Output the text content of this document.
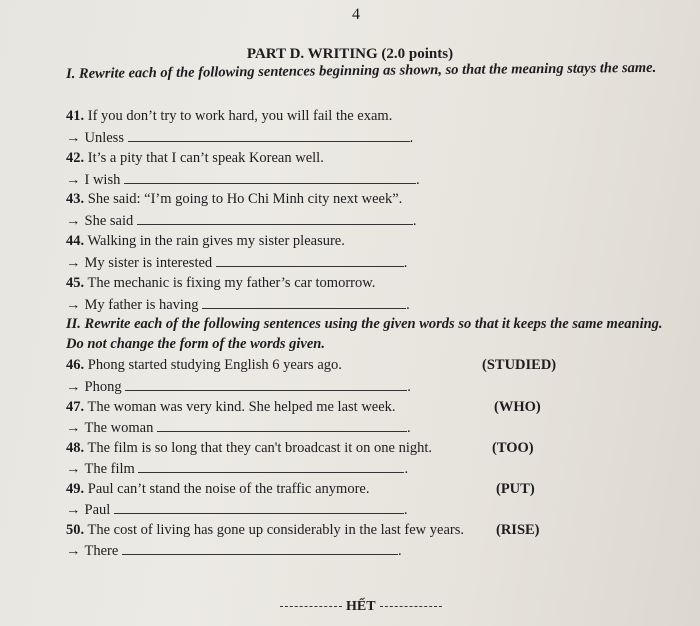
4
PART D. WRITING (2.0 points)
I. Rewrite each of the following sentences beginning as shown, so that the meaning stays the same.
41. If you don’t try to work hard, you will fail the exam.
→ Unless	.
42. It’s a pity that I can’t speak Korean well.
→ I wish	.
43. She said: “I’m going to Ho Chi Minh city next week”.
→ She said	.
44. Walking in the rain gives my sister pleasure.
→ My sister is interested	.
45. The mechanic is fixing my father’s car tomorrow.
→ My father is having	.
II. Rewrite each of the following sentences using the given words so that it keeps the same meaning. Do not change the form of the words given.
46. Phong started studying English 6 years ago.	(STUDIED)
→ Phong	.
47. The woman was very kind. She helped me last week.	(WHO)
→ The woman	.
48. The film is so long that they can't broadcast it on one night.	(TOO)
→ The film	.
49. Paul can’t stand the noise of the traffic anymore.	(PUT)
→ Paul	.
50. The cost of living has gone up considerably in the last few years.	(RISE)
→ There	.
HẾT
